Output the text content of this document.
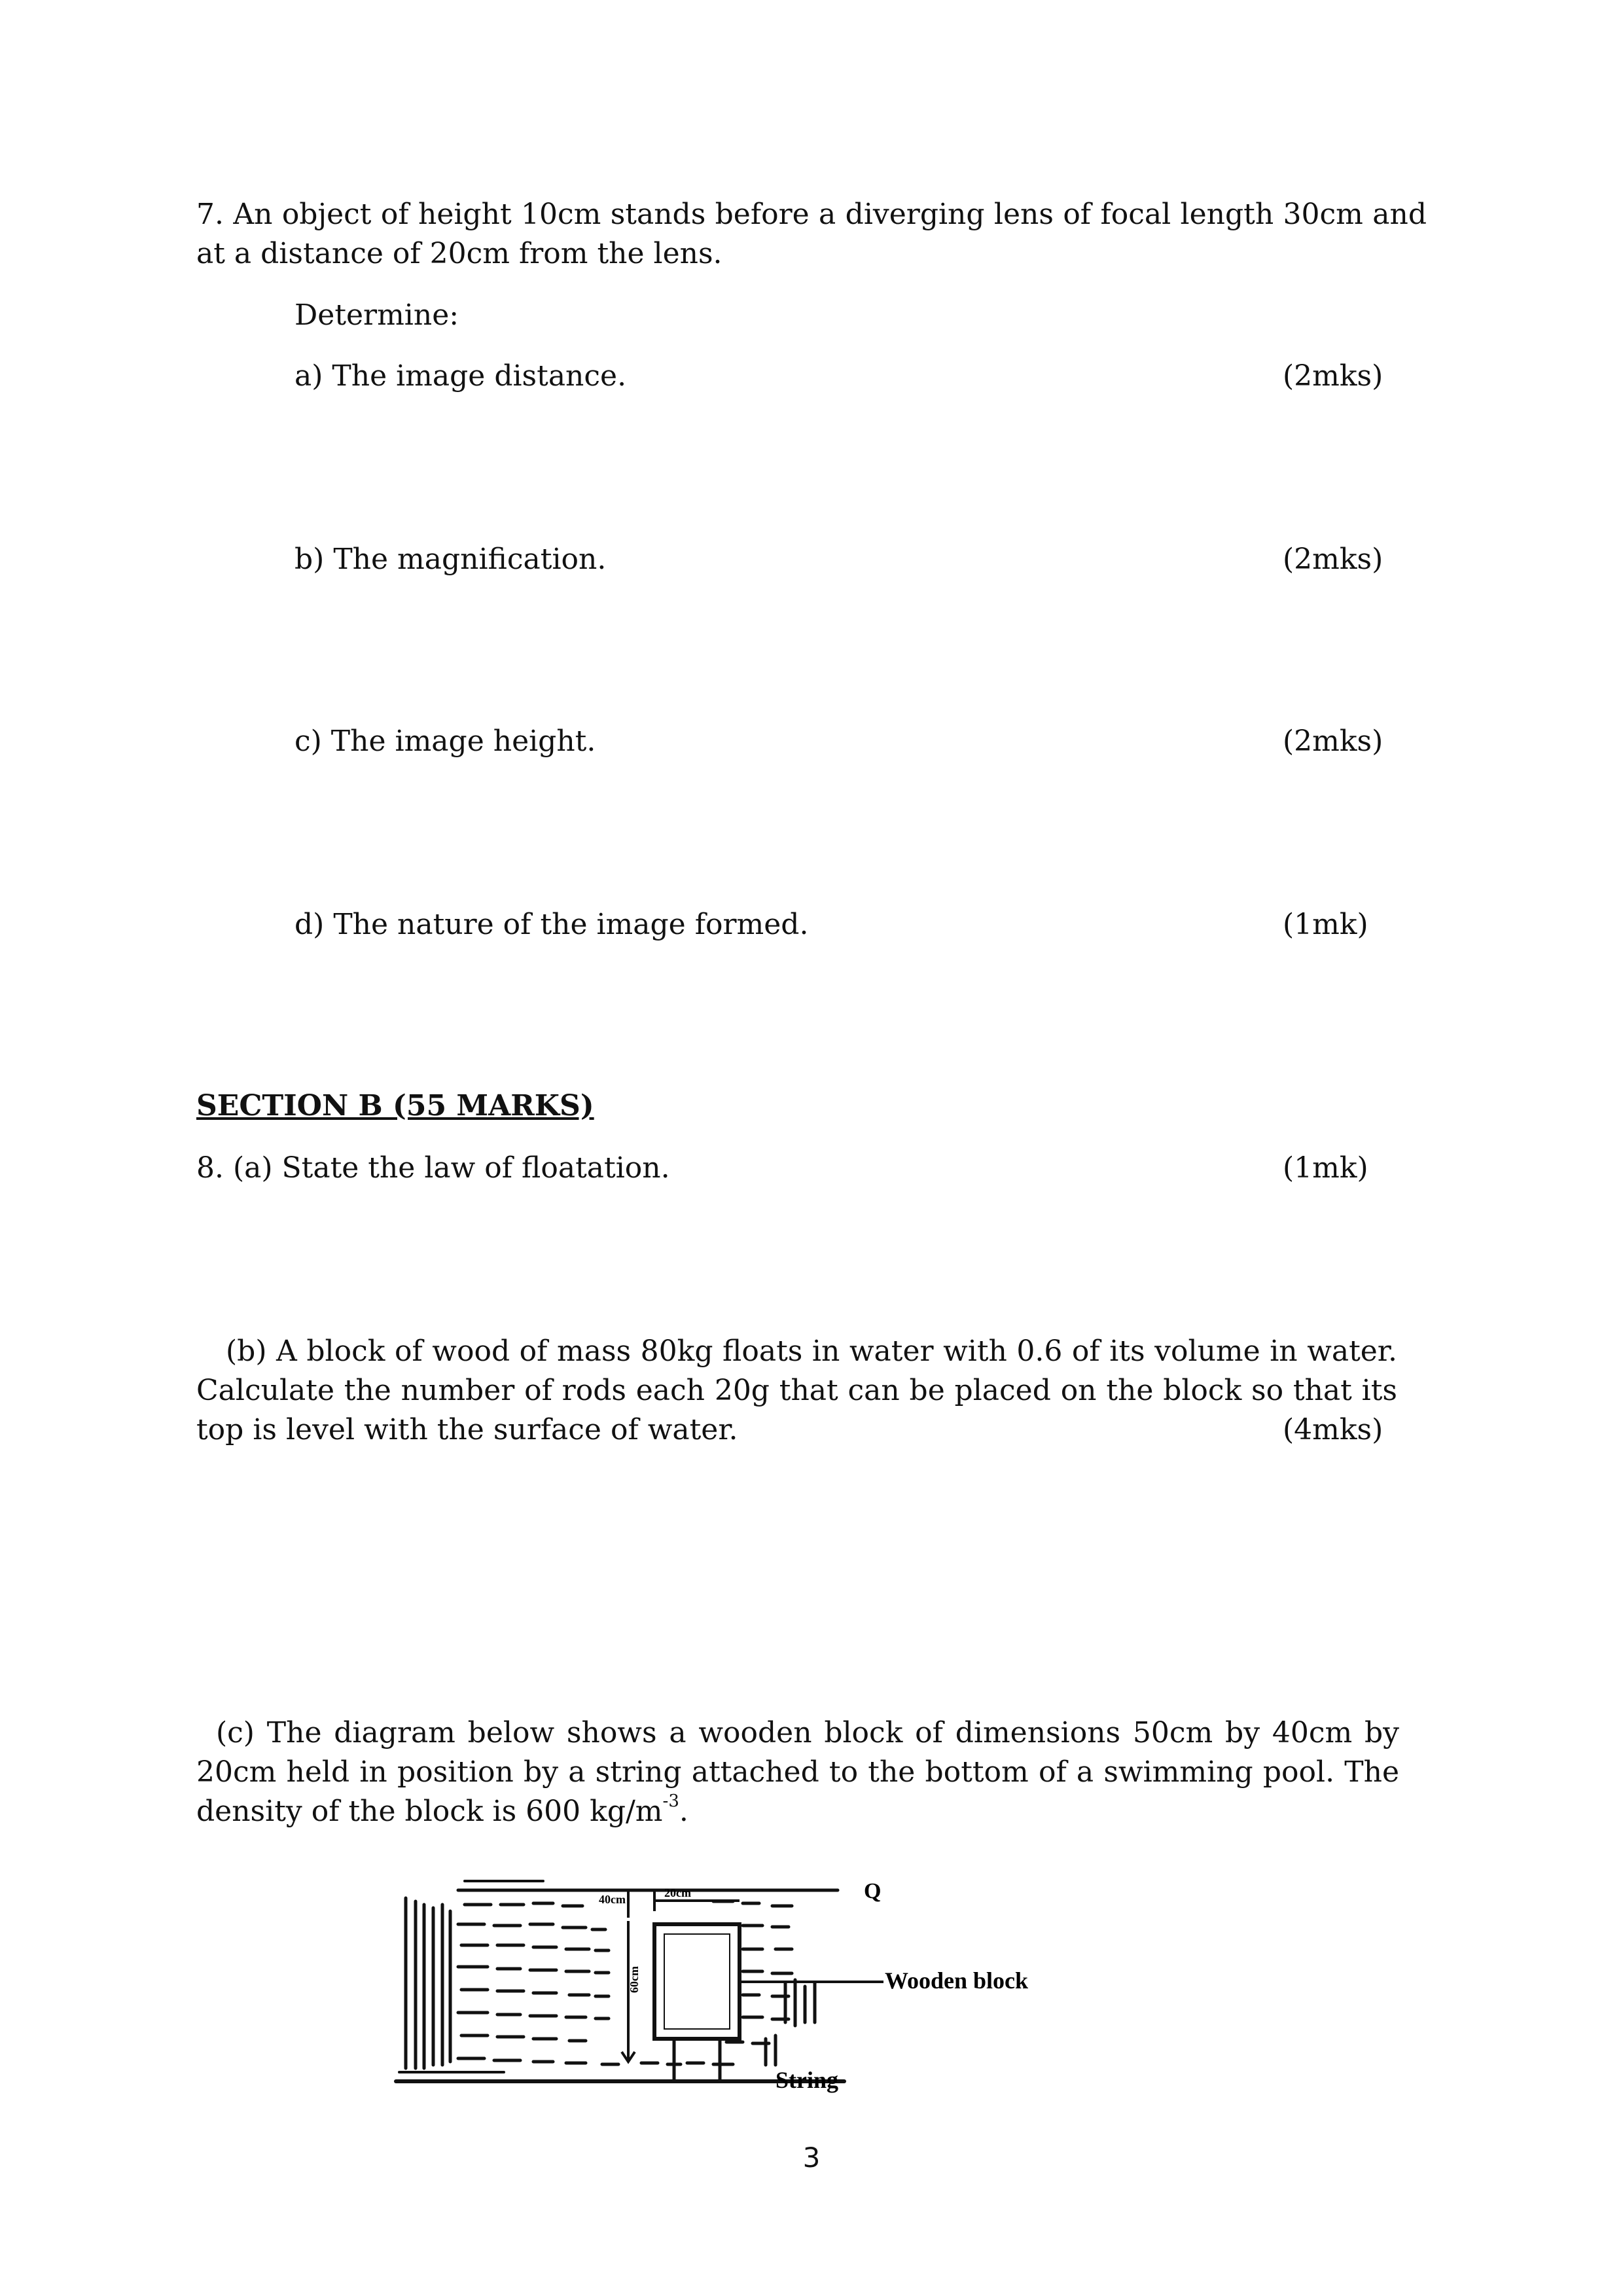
7. An object of height 10cm stands before a diverging lens of focal length 30cm and
at a distance of 20cm from the lens.

Determine:

a) The image distance.	(2mks)

b) The magnification.	(2mks)

c) The image height.	(2mks)

d) The nature of the image formed.	(1mk)

SECTION B (55 MARKS)

8. (a) State the law of floatation.	(1mk)
(b) A block of wood of mass 80kg floats in water with 0.6 of its volume in water.
Calculate the number of rods each 20g that can be placed on the block so that its
top is level with the surface of water.	(4mks)
(c) The diagram below shows a wooden block of dimensions 50cm by 40cm by
20cm held in position by a string attached to the bottom of a swimming pool. The
density of the block is 600 $kg/m^{-3}$.
Q
Wooden block
String
40cm	20cm
60cm
3
